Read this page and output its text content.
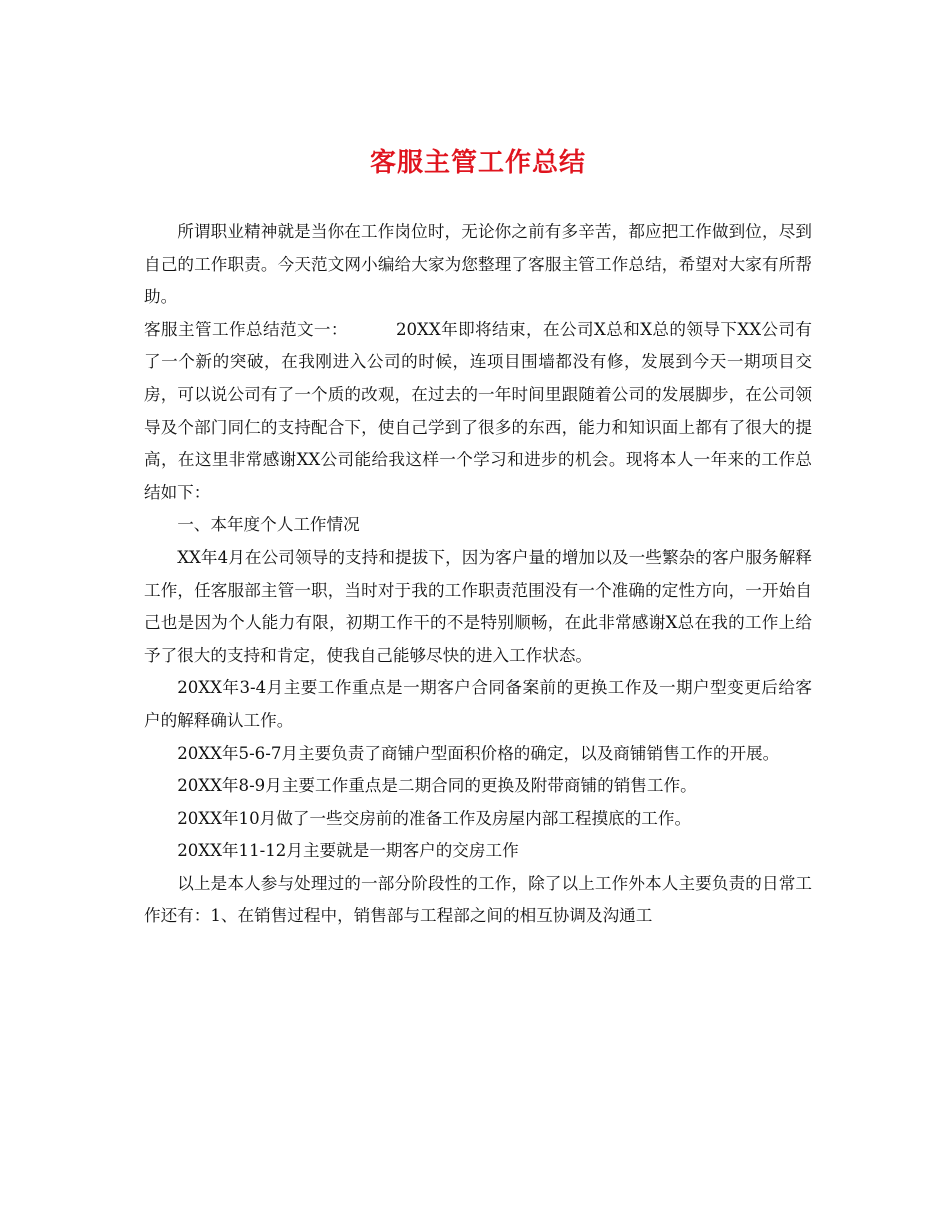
客服主管工作总结

所谓职业精神就是当你在工作岗位时，无论你之前有多辛苦，都应把工作做到位，尽到自己的工作职责。今天范文网小编给大家为您整理了客服主管工作总结，希望对大家有所帮助。

客服主管工作总结范文一：	20XX年即将结束，在公司X总和X总的领导下XX公司有了一个新的突破，在我刚进入公司的时候，连项目围墙都没有修，发展到今天一期项目交房，可以说公司有了一个质的改观，在过去的一年时间里跟随着公司的发展脚步，在公司领导及个部门同仁的支持配合下，使自己学到了很多的东西，能力和知识面上都有了很大的提高，在这里非常感谢XX公司能给我这样一个学习和进步的机会。现将本人一年来的工作总结如下：

一、本年度个人工作情况

XX年4月在公司领导的支持和提拔下，因为客户量的增加以及一些繁杂的客户服务解释工作，任客服部主管一职，当时对于我的工作职责范围没有一个准确的定性方向，一开始自己也是因为个人能力有限，初期工作干的不是特别顺畅，在此非常感谢X总在我的工作上给予了很大的支持和肯定，使我自己能够尽快的进入工作状态。

20XX年3-4月主要工作重点是一期客户合同备案前的更换工作及一期户型变更后给客户的解释确认工作。

20XX年5-6-7月主要负责了商铺户型面积价格的确定，以及商铺销售工作的开展。

20XX年8-9月主要工作重点是二期合同的更换及附带商铺的销售工作。

20XX年10月做了一些交房前的准备工作及房屋内部工程摸底的工作。

20XX年11-12月主要就是一期客户的交房工作

以上是本人参与处理过的一部分阶段性的工作，除了以上工作外本人主要负责的日常工作还有：1、在销售过程中，销售部与工程部之间的相互协调及沟通工
